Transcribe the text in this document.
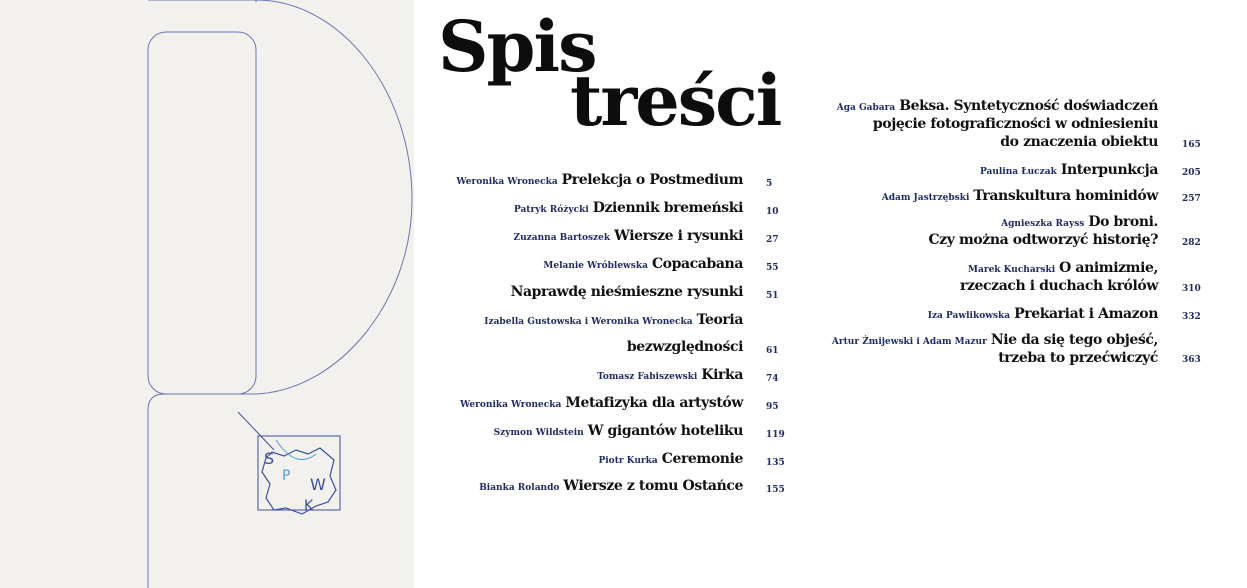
S
P W
K
Spis
treści
Weronika Wronecka Prelekcja o Postmedium	5
Patryk Różycki Dziennik bremeński	10
Zuzanna Bartoszek Wiersze i rysunki	27
Melanie Wróblewska Copacabana	55
Naprawdę nieśmieszne rysunki	51
Izabella Gustowska i Weronika Wronecka Teoria
bezwzględności	61
Tomasz Fabiszewski Kirka	74
Weronika Wronecka Metafizyka dla artystów	95
Szymon Wildstein W gigantów hoteliku	119
Piotr Kurka Ceremonie	135
Bianka Rolando Wiersze z tomu Ostańce	155
Aga Gabara Beksa. Syntetyczność doświadczeń
pojęcie fotograficzności w odniesieniu
do znaczenia obiektu	165
Paulina Łuczak Interpunkcja	205
Adam Jastrzębski Transkultura hominidów	257
Agnieszka Rayss Do broni.
Czy można odtworzyć historię?	282
Marek Kucharski O animizmie,
rzeczach i duchach królów	310
Iza Pawlikowska Prekariat i Amazon	332
Artur Żmijewski i Adam Mazur Nie da się tego objeść,
trzeba to przećwiczyć	363
